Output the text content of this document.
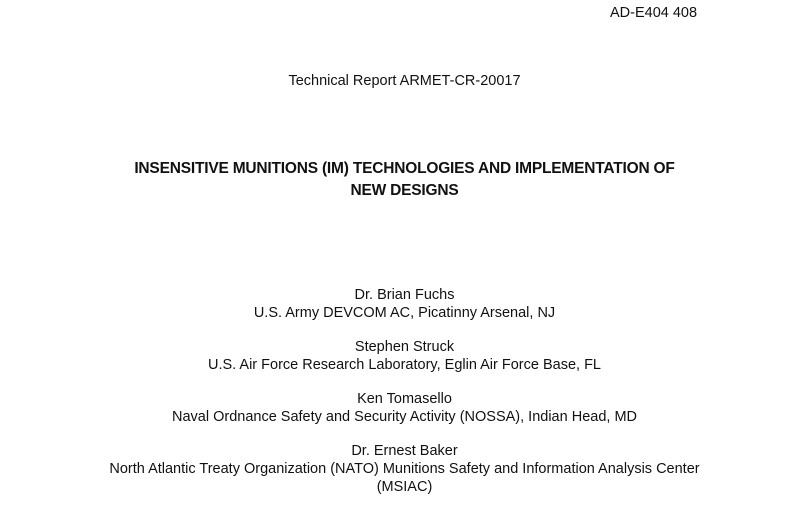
AD-E404 408
Technical Report ARMET-CR-20017
INSENSITIVE MUNITIONS (IM) TECHNOLOGIES AND IMPLEMENTATION OF
NEW DESIGNS
Dr. Brian Fuchs
U.S. Army DEVCOM AC, Picatinny Arsenal, NJ
Stephen Struck
U.S. Air Force Research Laboratory, Eglin Air Force Base, FL
Ken Tomasello
Naval Ordnance Safety and Security Activity (NOSSA), Indian Head, MD
Dr. Ernest Baker
North Atlantic Treaty Organization (NATO) Munitions Safety and Information Analysis Center
(MSIAC)
